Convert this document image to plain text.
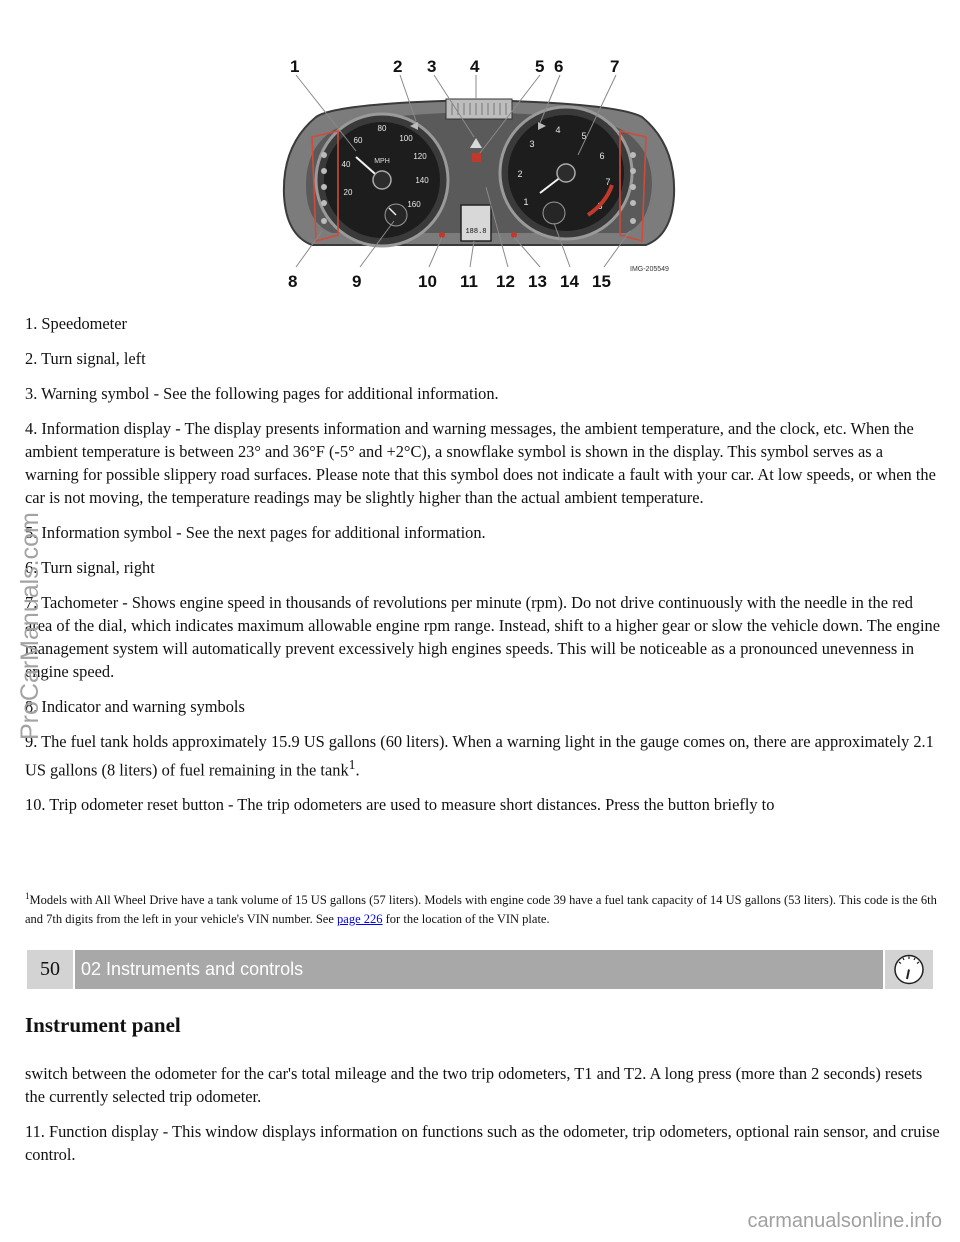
1	2 3 4	5 6	7
20
40
60
80
100
120
140
160
MPH
1
2
3
4
5
6
7
8
188.8
8	9	10 11 12 13 14 15
IMG-205549

1. Speedometer

2. Turn signal, left

3. Warning symbol - See the following pages for additional information.

4. Information display - The display presents information and warning messages, the ambient temperature, and the clock, etc. When the ambient temperature is between 23° and 36°F (-5° and +2°C), a snowflake symbol is shown in the display. This symbol serves as a warning for possible slippery road surfaces. Please note that this symbol does not indicate a fault with your car. At low speeds, or when the car is not moving, the temperature readings may be slightly higher than the actual ambient temperature.

5. Information symbol - See the next pages for additional information.

6. Turn signal, right

7. Tachometer - Shows engine speed in thousands of revolutions per minute (rpm). Do not drive continuously with the needle in the red area of the dial, which indicates maximum allowable engine rpm range. Instead, shift to a higher gear or slow the vehicle down. The engine management system will automatically prevent excessively high engines speeds. This will be noticeable as a pronounced unevenness in engine speed.

8. Indicator and warning symbols

9. The fuel tank holds approximately 15.9 US gallons (60 liters). When a warning light in the gauge comes on, there are approximately 2.1 US gallons (8 liters) of fuel remaining in the tank$^1$.

10. Trip odometer reset button - The trip odometers are used to measure short distances. Press the button briefly to

$^1$Models with All Wheel Drive have a tank volume of 15 US gallons (57 liters). Models with engine code 39 have a fuel tank capacity of 14 US gallons (53 liters). This code is the 6th and 7th digits from the left in your vehicle's VIN number. See page 226 for the location of the VIN plate.
50	02 Instruments and controls
Instrument panel

switch between the odometer for the car's total mileage and the two trip odometers, T1 and T2. A long press (more than 2 seconds) resets the currently selected trip odometer.

11. Function display - This window displays information on functions such as the odometer, trip odometers, optional rain sensor, and cruise control.

ProCarManuals.com
carmanualsonline.info
